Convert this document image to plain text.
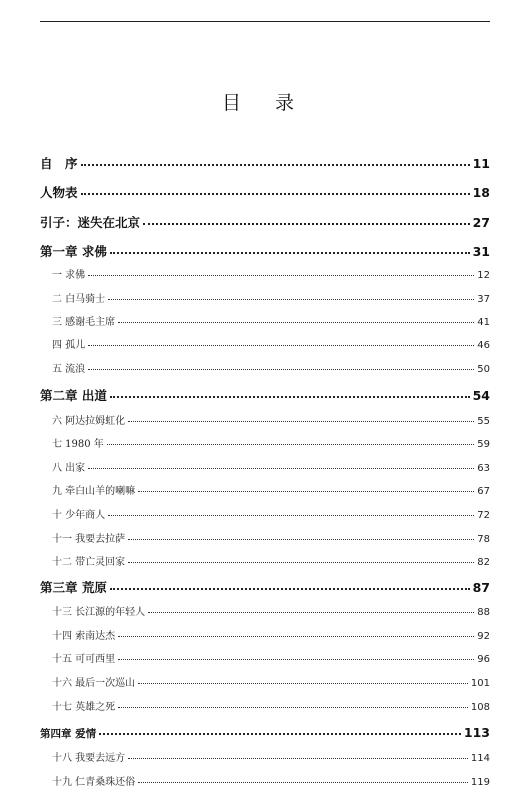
目 录
自　序	11
人物表	18
引子：迷失在北京	27
第一章 求佛	31
一 求佛	12
二 白马骑士	37
三 感谢毛主席	41
四 孤儿	46
五 流浪	50
第二章 出道	54
六 阿达拉姆虹化	55
七 1980 年	59
八 出家	63
九 牵白山羊的喇嘛	67
十 少年商人	72
十一 我要去拉萨	78
十二 带亡灵回家	82
第三章 荒原	87
十三 长江源的年轻人	88
十四 索南达杰	92
十五 可可西里	96
十六 最后一次巡山	101
十七 英雄之死	108
第四章 爱情	113
十八 我要去远方	114
十九 仁青桑珠还俗	119
